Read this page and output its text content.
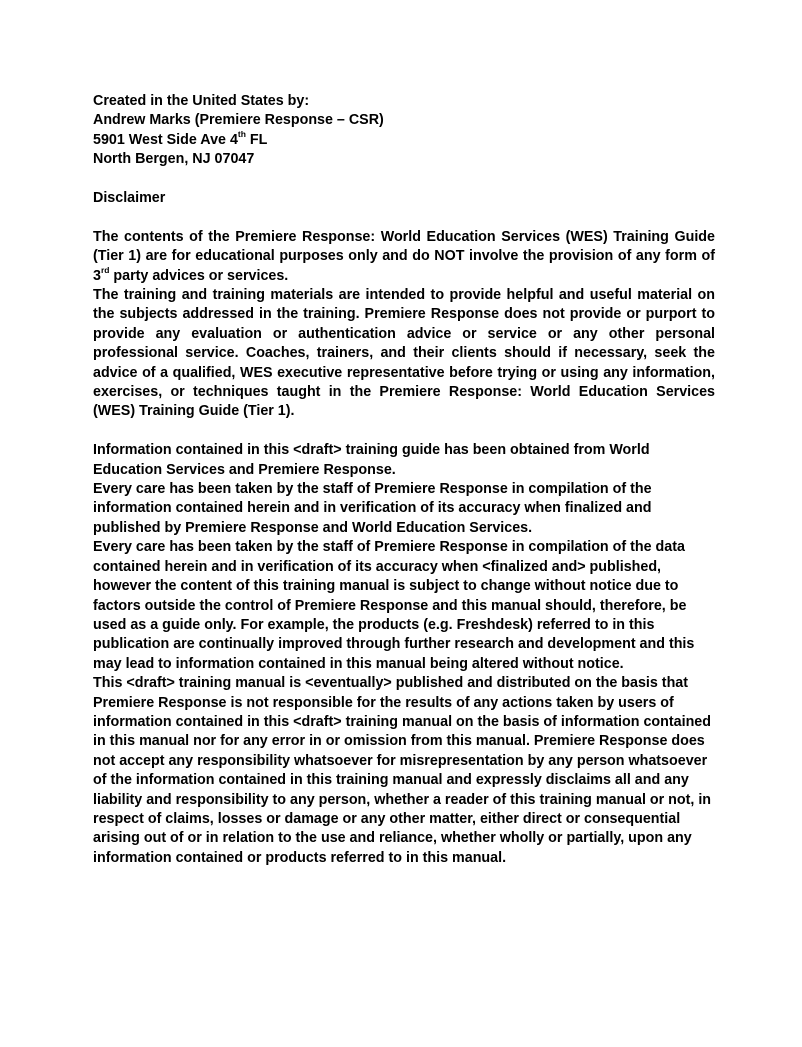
Created in the United States by:

Andrew Marks (Premiere Response – CSR)

5901 West Side Ave 4th FL

North Bergen, NJ 07047

Disclaimer

The contents of the Premiere Response: World Education Services (WES) Training Guide (Tier 1) are for educational purposes only and do NOT involve the provision of any form of 3rd party advices or services.

The training and training materials are intended to provide helpful and useful material on the subjects addressed in the training. Premiere Response does not provide or purport to provide any evaluation or authentication advice or service or any other personal professional service. Coaches, trainers, and their clients should if necessary, seek the advice of a qualified, WES executive representative before trying or using any information, exercises, or techniques taught in the Premiere Response: World Education Services (WES) Training Guide (Tier 1).

Information contained in this <draft> training guide has been obtained from World Education Services and Premiere Response.

Every care has been taken by the staff of Premiere Response in compilation of the information contained herein and in verification of its accuracy when finalized and published by Premiere Response and World Education Services.

Every care has been taken by the staff of Premiere Response in compilation of the data contained herein and in verification of its accuracy when <finalized and> published, however the content of this training manual is subject to change without notice due to factors outside the control of Premiere Response and this manual should, therefore, be used as a guide only. For example, the products (e.g. Freshdesk) referred to in this publication are continually improved through further research and development and this may lead to information contained in this manual being altered without notice.

This <draft> training manual is <eventually> published and distributed on the basis that Premiere Response is not responsible for the results of any actions taken by users of information contained in this <draft> training manual on the basis of information contained in this manual nor for any error in or omission from this manual. Premiere Response does not accept any responsibility whatsoever for misrepresentation by any person whatsoever of the information contained in this training manual and expressly disclaims all and any liability and responsibility to any person, whether a reader of this training manual or not, in respect of claims, losses or damage or any other matter, either direct or consequential arising out of or in relation to the use and reliance, whether wholly or partially, upon any information contained or products referred to in this manual.
